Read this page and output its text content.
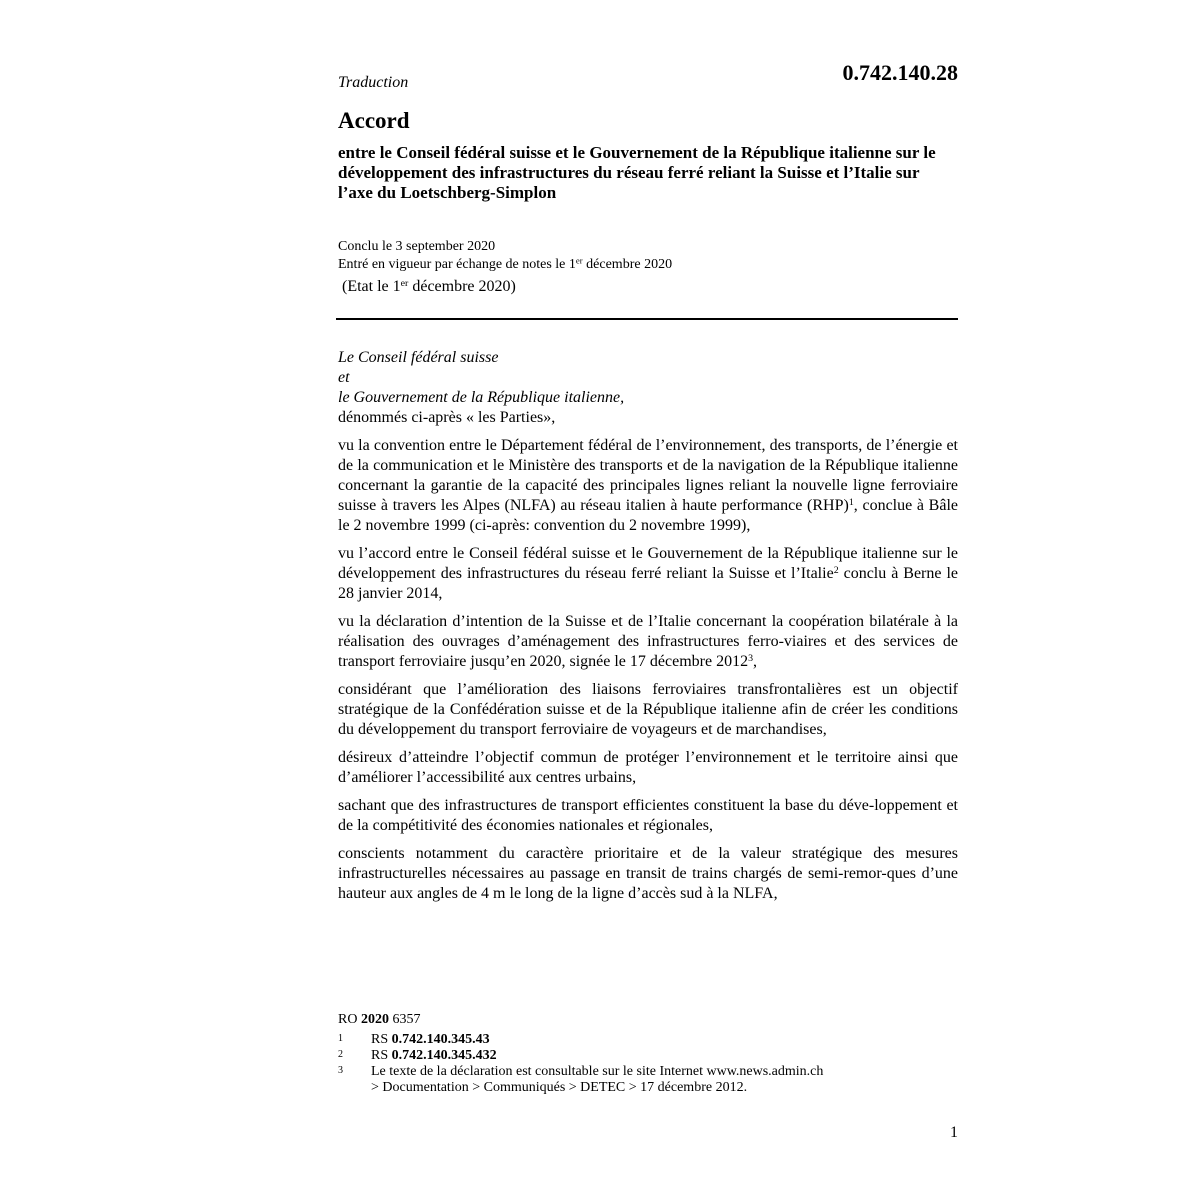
0.742.140.28
Traduction
Accord
entre le Conseil fédéral suisse et le Gouvernement de la République italienne sur le développement des infrastructures du réseau ferré reliant la Suisse et l’Italie sur l’axe du Loetschberg-Simplon
Conclu le 3 september 2020
Entré en vigueur par échange de notes le 1er décembre 2020
(Etat le 1er décembre 2020)
Le Conseil fédéral suisse
et
le Gouvernement de la République italienne,
dénommés ci-après « les Parties»,
vu la convention entre le Département fédéral de l’environnement, des transports, de l’énergie et de la communication et le Ministère des transports et de la navigation de la République italienne concernant la garantie de la capacité des principales lignes reliant la nouvelle ligne ferroviaire suisse à travers les Alpes (NLFA) au réseau italien à haute performance (RHP)$^1$, conclue à Bâle le 2 novembre 1999 (ci-après: convention du 2 novembre 1999),
vu l’accord entre le Conseil fédéral suisse et le Gouvernement de la République italienne sur le développement des infrastructures du réseau ferré reliant la Suisse et l’Italie$^2$ conclu à Berne le 28 janvier 2014,
vu la déclaration d’intention de la Suisse et de l’Italie concernant la coopération bilatérale à la réalisation des ouvrages d’aménagement des infrastructures ferro-viaires et des services de transport ferroviaire jusqu’en 2020, signée le 17 décembre 2012$^3$,
considérant que l’amélioration des liaisons ferroviaires transfrontalières est un objectif stratégique de la Confédération suisse et de la République italienne afin de créer les conditions du développement du transport ferroviaire de voyageurs et de marchandises,
désireux d’atteindre l’objectif commun de protéger l’environnement et le territoire ainsi que d’améliorer l’accessibilité aux centres urbains,
sachant que des infrastructures de transport efficientes constituent la base du déve-loppement et de la compétitivité des économies nationales et régionales,
conscients notamment du caractère prioritaire et de la valeur stratégique des mesures infrastructurelles nécessaires au passage en transit de trains chargés de semi-remor-ques d’une hauteur aux angles de 4 m le long de la ligne d’accès sud à la NLFA,
RO 2020 6357
1	RS 0.742.140.345.43
2	RS 0.742.140.345.432
3	Le texte de la déclaration est consultable sur le site Internet www.news.admin.ch
> Documentation > Communiqués > DETEC > 17 décembre 2012.
1
